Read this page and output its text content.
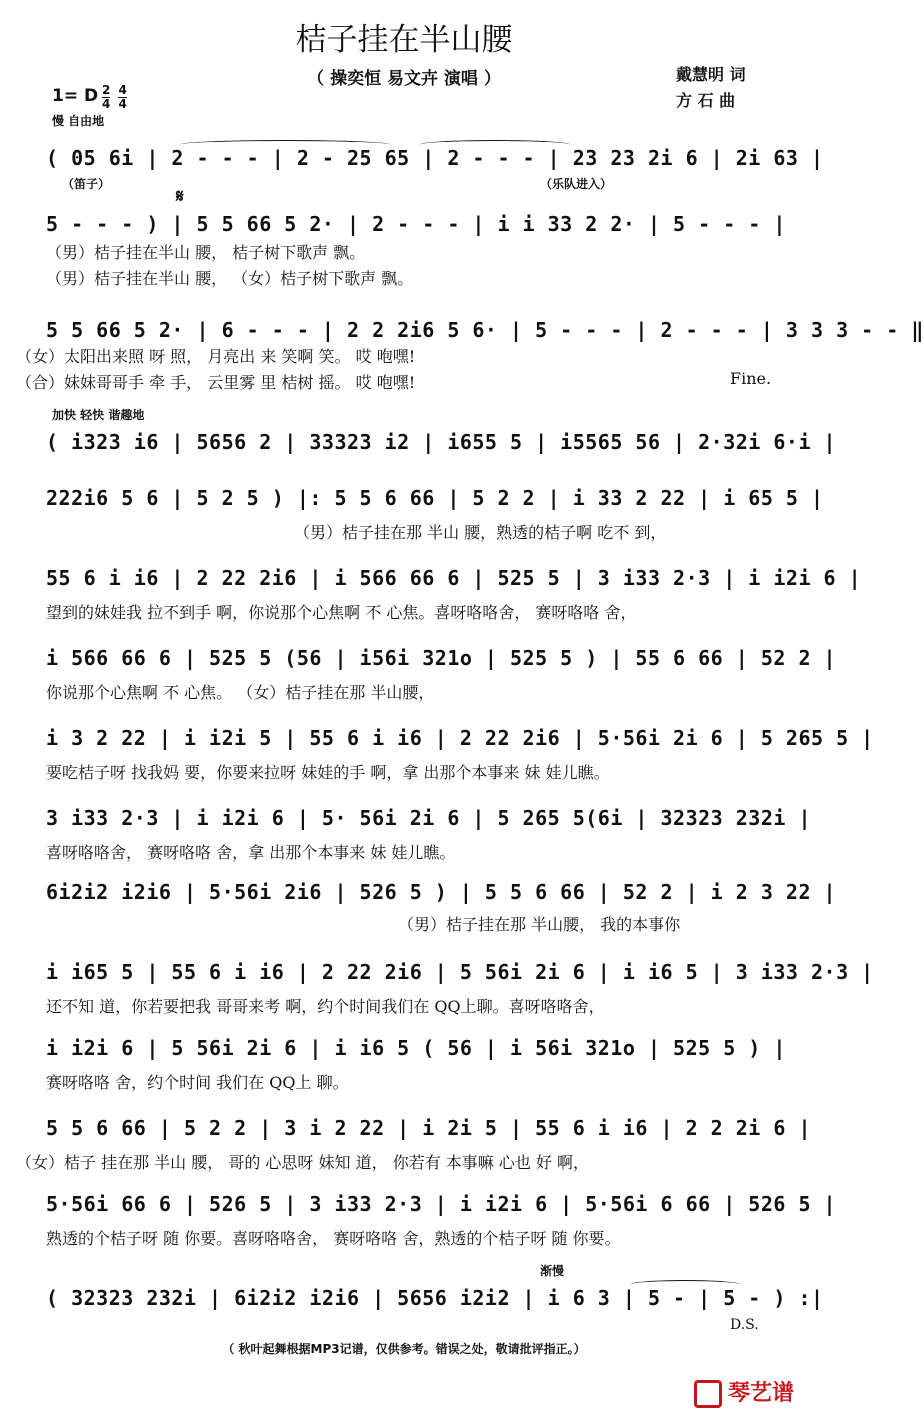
桔子挂在半山腰
（ 操奕恒 易文卉 演唱 ）	戴慧明 词
方 石 曲
1= D $\frac{2}{4}$
$\frac{4}{4}$
慢 自由地
( 05 6i | 2 - - - | 2 - 25 65 | 2 - - - | 23 23 2i 6 | 2i 63 |
（笛子）	（乐队进入）
𝄋
5 - - - ) | 5 5 66 5 2· | 2 - - - | i i 33 2 2· | 5 - - - |
（男）桔子挂在半山 腰， 桔子树下歌声 飘。
（男）桔子挂在半山 腰， （女）桔子树下歌声 飘。
5 5 66 5 2· | 6 - - - | 2 2 2i6 5 6· | 5 - - - | 2 - - - | 3 3 3 - - ‖
（女）太阳出来照 呀 照， 月亮出 来 笑啊 笑。 哎 咆嘿!
（合）妹妹哥哥手 牵 手， 云里雾 里 桔树 摇。 哎 咆嘿!	Fine.
加快 轻快 谐趣地
( i323 i6 | 5656 2 | 33323 i2 | i655 5 | i5565 56 | 2·32i 6·i |
222i6 5 6 | 5 2 5 ) |: 5 5 6 66 | 5 2 2 | i 33 2 22 | i 65 5 |
（男）桔子挂在那 半山 腰，熟透的桔子啊 吃不 到，
55 6 i i6 | 2 22 2i6 | i 566 66 6 | 525 5 | 3 i33 2·3 | i i2i 6 |
望到的妹娃我 拉不到手 啊，你说那个心焦啊 不 心焦。喜呀咯咯舍， 赛呀咯咯 舍，
i 566 66 6 | 525 5 (56 | i56i 321o | 525 5 ) | 55 6 66 | 52 2 |
你说那个心焦啊 不 心焦。 （女）桔子挂在那 半山腰，
i 3 2 22 | i i2i 5 | 55 6 i i6 | 2 22 2i6 | 5·56i 2i 6 | 5 265 5 |
要吃桔子呀 找我妈 要，你要来拉呀 妹娃的手 啊，拿 出那个本事来 妹 娃儿瞧。
3 i33 2·3 | i i2i 6 | 5· 56i 2i 6 | 5 265 5(6i | 32323 232i |
喜呀咯咯舍， 赛呀咯咯 舍，拿 出那个本事来 妹 娃儿瞧。
6i2i2 i2i6 | 5·56i 2i6 | 526 5 ) | 5 5 6 66 | 52 2 | i 2 3 22 |
（男）桔子挂在那 半山腰， 我的本事你
i i65 5 | 55 6 i i6 | 2 22 2i6 | 5 56i 2i 6 | i i6 5 | 3 i33 2·3 |
还不知 道，你若要把我 哥哥来考 啊，约个时间我们在 QQ上聊。喜呀咯咯舍，
i i2i 6 | 5 56i 2i 6 | i i6 5 ( 56 | i 56i 321o | 525 5 ) |
赛呀咯咯 舍，约个时间 我们在 QQ上 聊。
5 5 6 66 | 5 2 2 | 3 i 2 22 | i 2i 5 | 55 6 i i6 | 2 2 2i 6 |
（女）桔子 挂在那 半山 腰， 哥的 心思呀 妹知 道， 你若有 本事嘛 心也 好 啊，
5·56i 66 6 | 526 5 | 3 i33 2·3 | i i2i 6 | 5·56i 6 66 | 526 5 |
熟透的个桔子呀 随 你要。喜呀咯咯舍， 赛呀咯咯 舍，熟透的个桔子呀 随 你要。
渐慢
( 32323 232i | 6i2i2 i2i6 | 5656 i2i2 | i 6 3 | 5 - | 5 - ) :|
D.S.
（ 秋叶起舞根据MP3记谱，仅供参考。错误之处，敬请批评指正。）
琴艺谱
